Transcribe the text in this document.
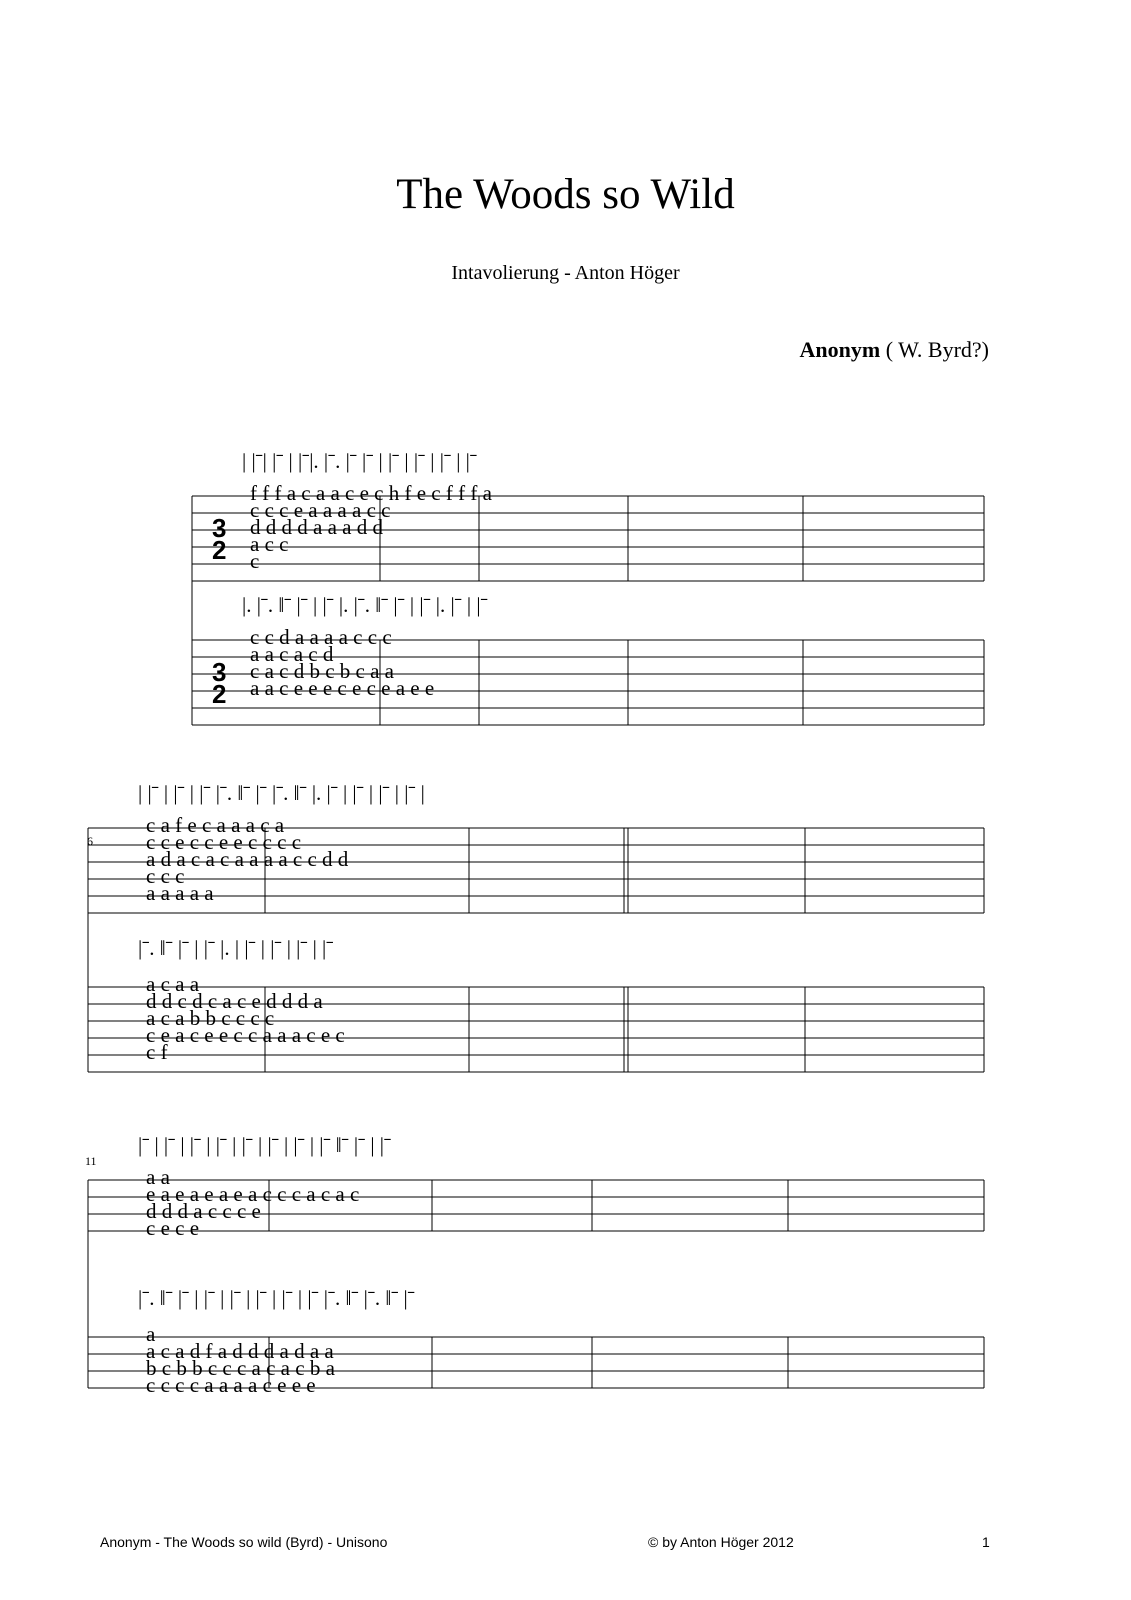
The Woods so Wild
Intavolierung - Anton Höger
Anonym ( W. Byrd?)
f f f a c a a c e c h f e c f f f a
c c c e a a a a c c
d d d d a a a d d
a c c
c
c c d a a a a c c c
a a c a c d
c a c d b c b c a a
a a c e e e c e c e a e e
c a f e c a a a c a
c c e c c e e c c c c
a d a c a c a a a a c c d d
c c c
a a a a a
a c a a
d d c d c a c e d d d a
a c a b b c c c c
c e a c e e c c a a a c e c
c f
a a
e a e a e a e a c c c a c a c
d d d a c c c e
c e c e
a
a c a d f a d d d a d a a
b c b b c c c a c a c b a
c c c c a a a a c e e e
| |ˉ| |ˉ | |ˉ|. |ˉ. |ˉ |ˉ | |ˉ | |ˉ | |ˉ | |ˉ
|. |ˉ. ‖ˉ |ˉ | |ˉ |. |ˉ. ‖ˉ |ˉ | |ˉ |. |ˉ | |ˉ
| |ˉ | |ˉ | |ˉ |ˉ. ‖ˉ |ˉ |ˉ. ‖ˉ |. |ˉ | |ˉ | |ˉ | |ˉ |
|ˉ. ‖ˉ |ˉ | |ˉ |. | |ˉ | |ˉ | |ˉ | |ˉ
|ˉ | |ˉ | |ˉ | |ˉ | |ˉ | |ˉ | |ˉ | |ˉ ‖ˉ |ˉ | |ˉ
|ˉ. ‖ˉ |ˉ | |ˉ | |ˉ | |ˉ | |ˉ | |ˉ |ˉ. ‖ˉ |ˉ. ‖ˉ |ˉ
6
11
3
2
3
2
Anonym - The Woods so wild (Byrd) - Unisono	© by Anton Höger 2012	1
